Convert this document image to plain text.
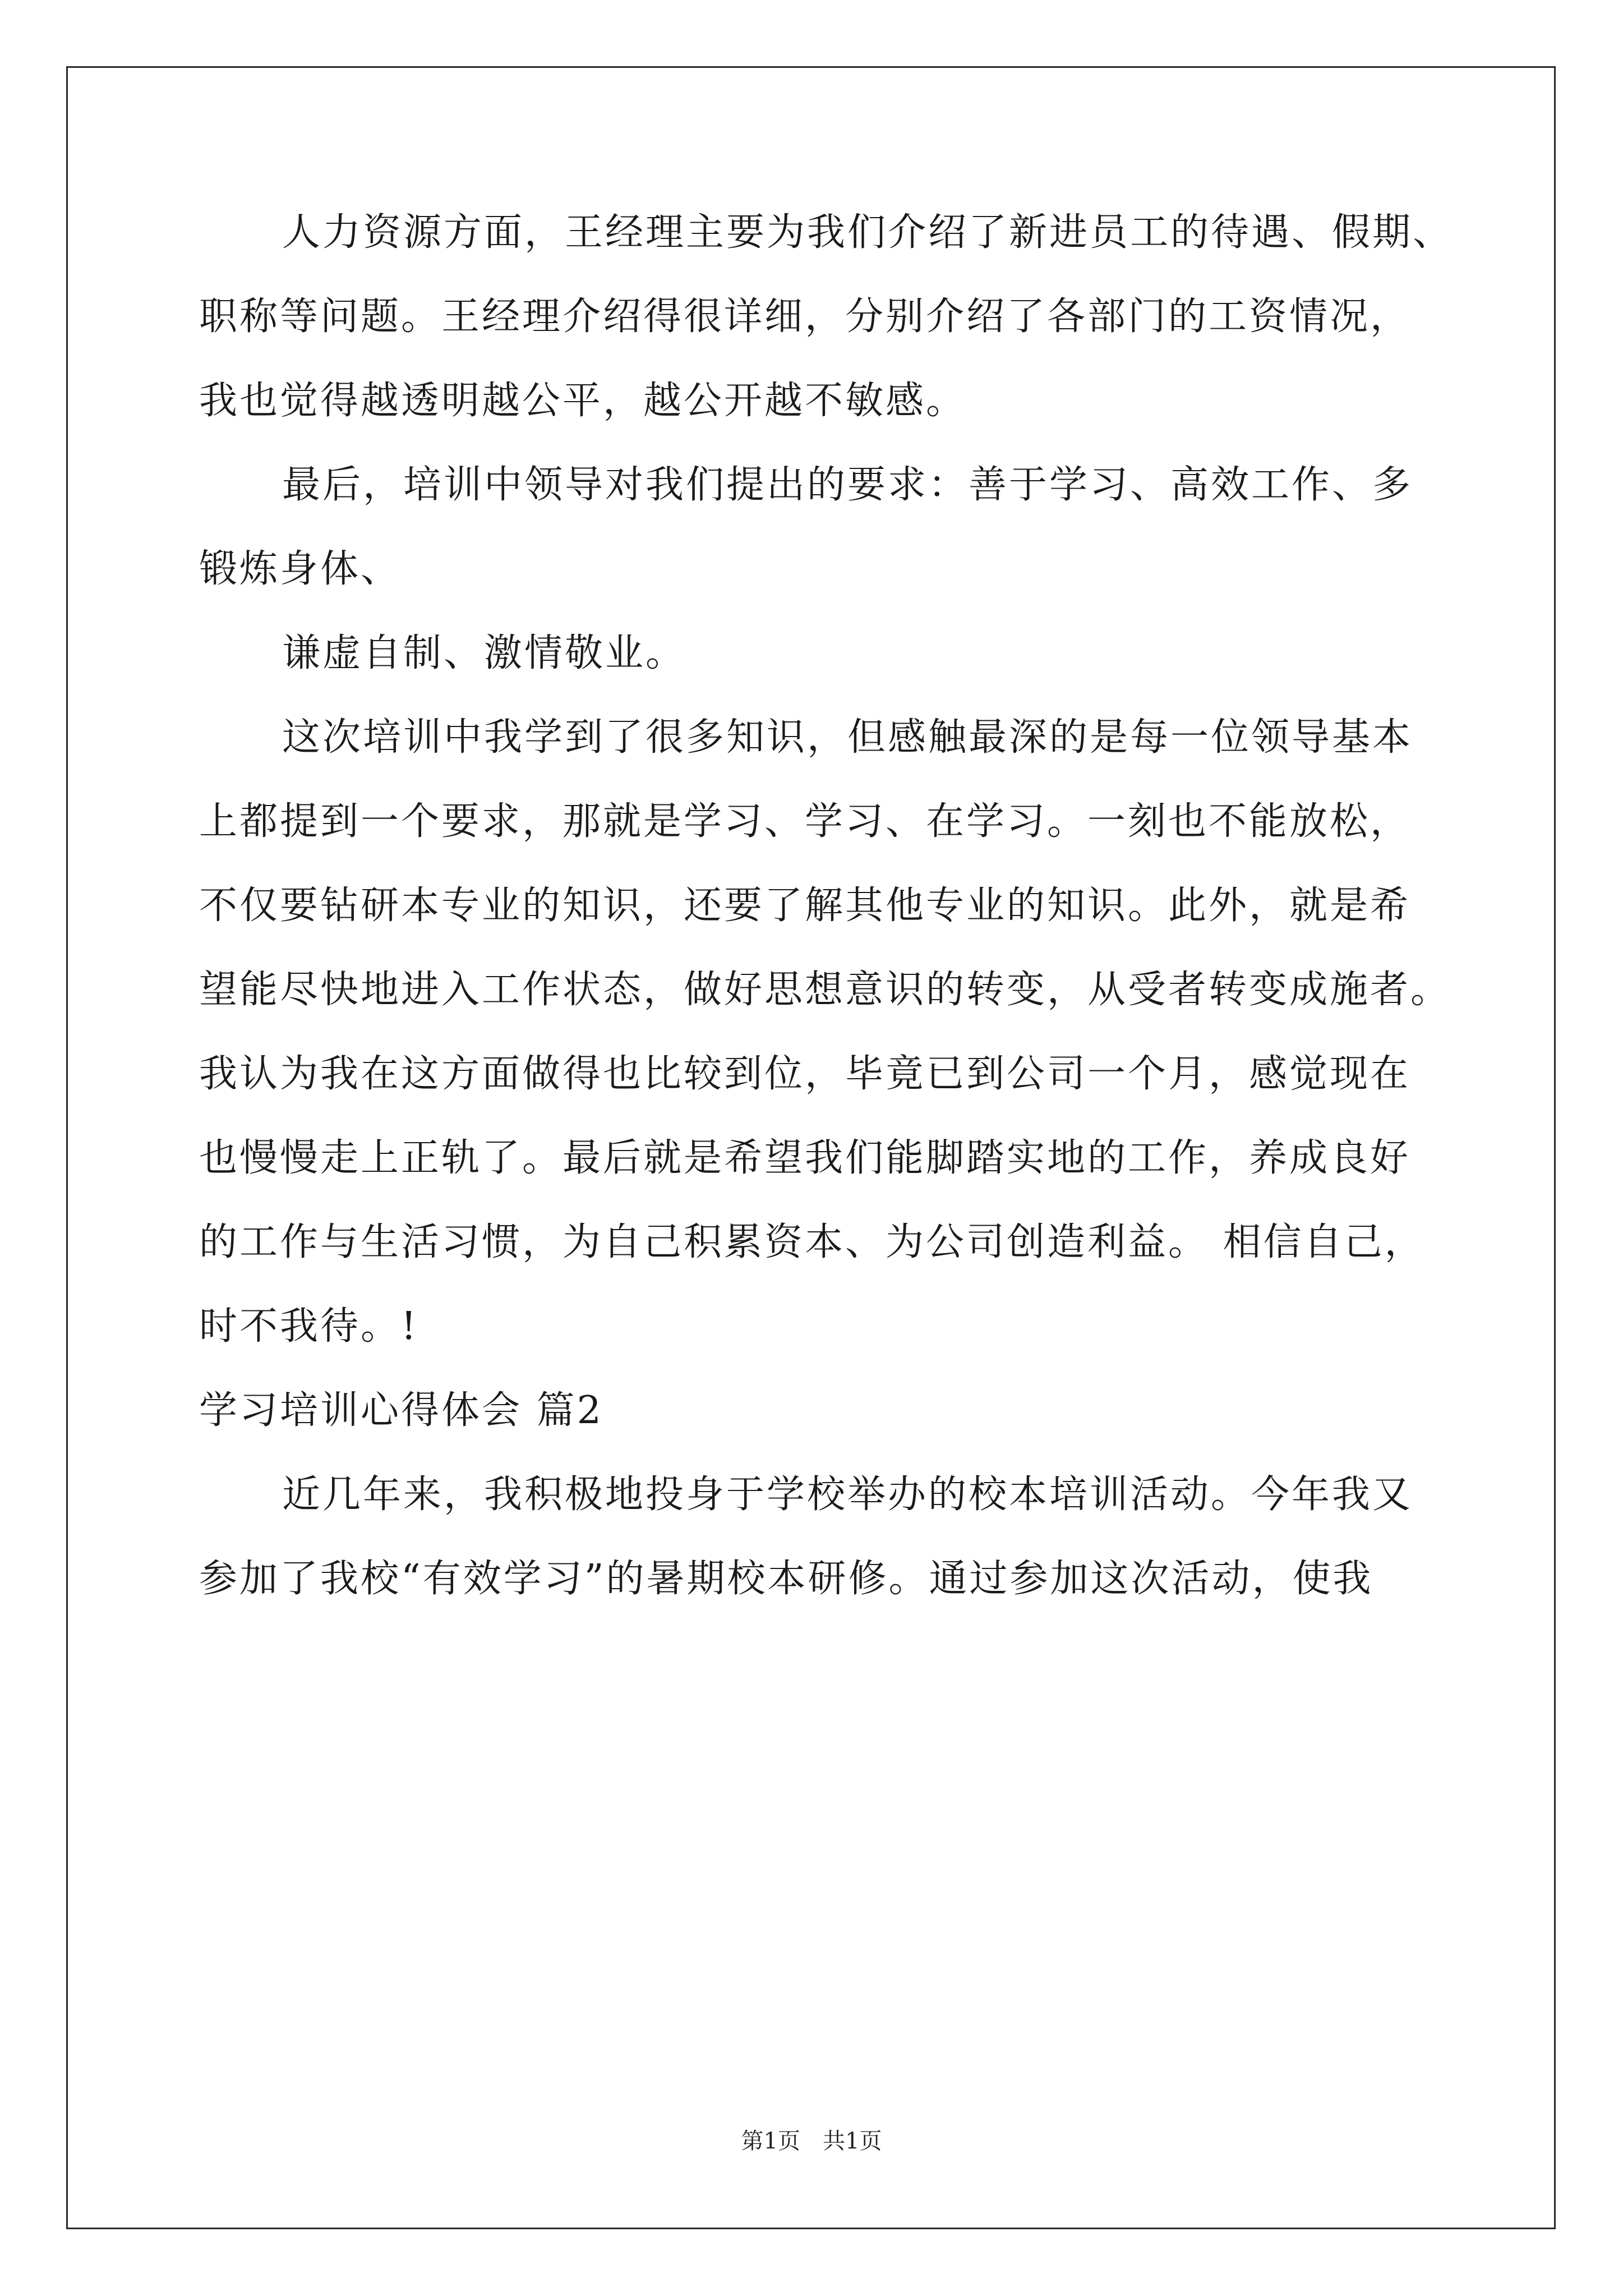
人力资源方面，王经理主要为我们介绍了新进员工的待遇、假期、
职称等问题。王经理介绍得很详细，分别介绍了各部门的工资情况，
我也觉得越透明越公平，越公开越不敏感。
最后，培训中领导对我们提出的要求：善于学习、高效工作、多
锻炼身体、
谦虚自制、激情敬业。
这次培训中我学到了很多知识，但感触最深的是每一位领导基本
上都提到一个要求，那就是学习、学习、在学习。一刻也不能放松，
不仅要钻研本专业的知识，还要了解其他专业的知识。此外，就是希
望能尽快地进入工作状态，做好思想意识的转变，从受者转变成施者。
我认为我在这方面做得也比较到位，毕竟已到公司一个月，感觉现在
也慢慢走上正轨了。最后就是希望我们能脚踏实地的工作，养成良好
的工作与生活习惯，为自己积累资本、为公司创造利益。 相信自己，
时不我待。!
学习培训心得体会 篇2
近几年来，我积极地投身于学校举办的校本培训活动。今年我又
参加了我校“有效学习”的暑期校本研修。通过参加这次活动，使我
第1页 共1页
